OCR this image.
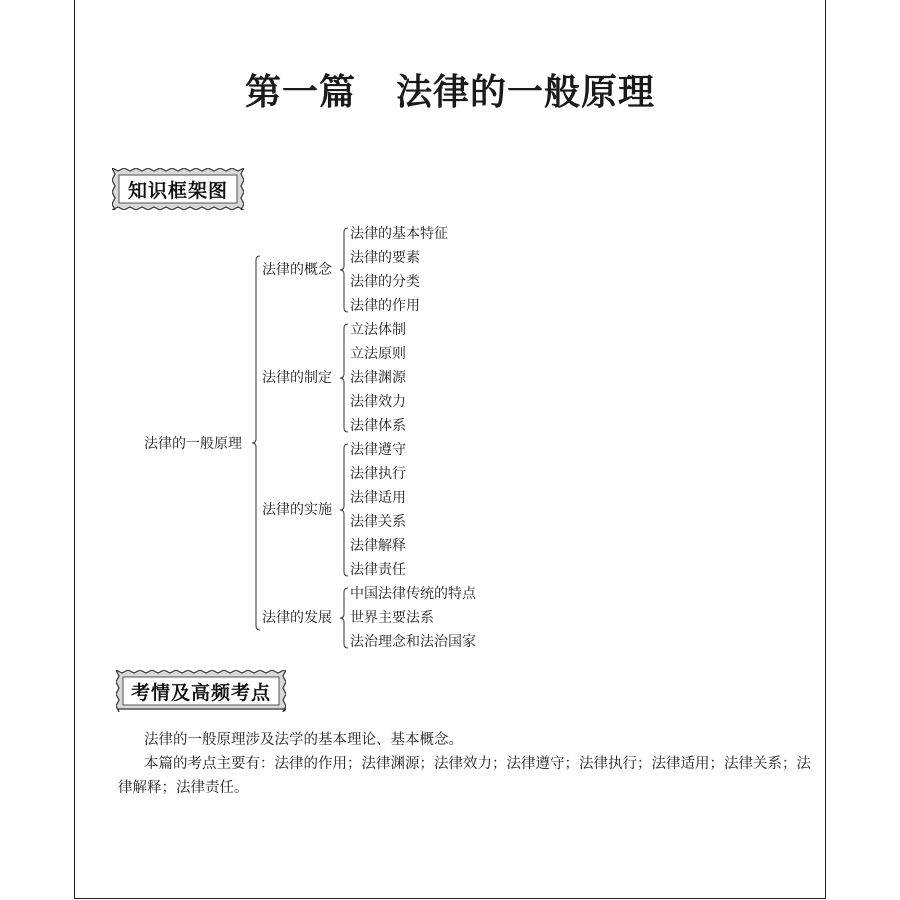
第一篇 法律的一般原理
知识框架图
法律的基本特征
法律的要素
法律的分类
法律的作用
法律的概念
立法体制
立法原则
法律渊源
法律效力
法律体系
法律的制定
法律遵守
法律执行
法律适用
法律关系
法律解释
法律责任
法律的实施
中国法律传统的特点
世界主要法系
法治理念和法治国家
法律的发展
法律的一般原理
考情及高频考点

法律的一般原理涉及法学的基本理论、基本概念。

本篇的考点主要有：法律的作用；法律渊源；法律效力；法律遵守；法律执行；法律适用；法律关系；法律解释；法律责任。
